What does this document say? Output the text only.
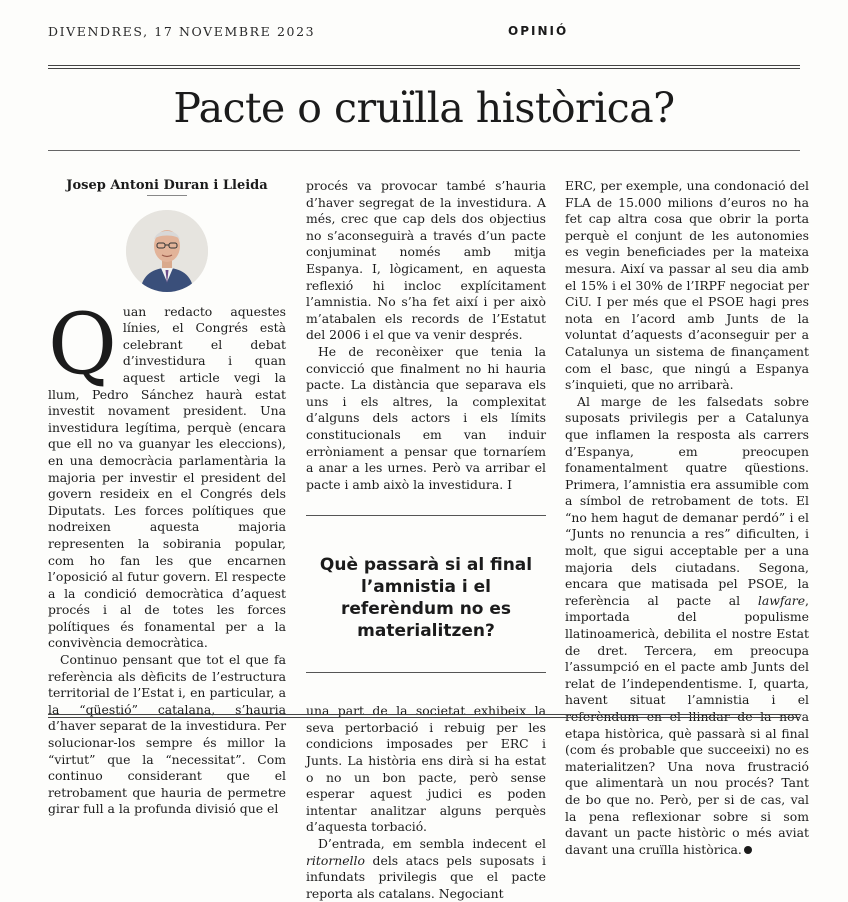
DIVENDRES, 17 NOVEMBRE 2023	OPINIÓ
Pacte o cruïlla històrica?

Josep Antoni Duran i Lleida

Quan redacto aquestes línies, el Congrés està celebrant el debat d’investidura i quan aquest article vegi la llum, Pedro Sánchez haurà estat investit novament president. Una investidura legítima, perquè (encara que ell no va guanyar les eleccions), en una democràcia parlamentària la majoria per investir el president del govern resideix en el Congrés dels Diputats. Les forces polítiques que nodreixen aquesta majoria representen la sobirania popular, com ho fan les que encarnen l’oposició al futur govern. El respecte a la condició democràtica d’aquest procés i al de totes les forces polítiques és fonamental per a la convivència democràtica.

Continuo pensant que tot el que fa referència als dèficits de l’estructura territorial de l’Estat i, en particular, a la “qüestió” catalana, s’hauria d’haver separat de la investidura. Per solucionar-los sempre és millor la “virtut” que la “necessitat”. Com continuo considerant que el retrobament que hauria de permetre girar full a la profunda divisió que el

procés va provocar també s’hauria d’haver segregat de la investidura. A més, crec que cap dels dos objectius no s’aconseguirà a través d’un pacte conjuminat només amb mitja Espanya. I, lògicament, en aquesta reflexió hi incloc explícitament l’amnistia. No s’ha fet així i per això m’atabalen els records de l’Estatut del 2006 i el que va venir després.

He de reconèixer que tenia la convicció que finalment no hi hauria pacte. La distància que separava els uns i els altres, la complexitat d’alguns dels actors i els límits constitucionals em van induir erròniament a pensar que tornaríem a anar a les urnes. Però va arribar el pacte i amb això la investidura. I

Què passarà si al final l’amnistia i el referèndum no es materialitzen?

una part de la societat exhibeix la seva pertorbació i rebuig per les condicions imposades per ERC i Junts. La història ens dirà si ha estat o no un bon pacte, però sense esperar aquest judici es poden intentar analitzar alguns perquès d’aquesta torbació.

D’entrada, em sembla indecent el ritornello dels atacs pels suposats i infundats privilegis que el pacte reporta als catalans. Negociant

ERC, per exemple, una condonació del FLA de 15.000 milions d’euros no ha fet cap altra cosa que obrir la porta perquè el conjunt de les autonomies es vegin beneficiades per la mateixa mesura. Així va passar al seu dia amb el 15% i el 30% de l’IRPF negociat per CiU. I per més que el PSOE hagi pres nota en l’acord amb Junts de la voluntat d’aquests d’aconseguir per a Catalunya un sistema de finançament com el basc, que ningú a Espanya s’inquieti, que no arribarà.

Al marge de les falsedats sobre suposats privilegis per a Catalunya que inflamen la resposta als carrers d’Espanya, em preocupen fonamentalment quatre qüestions. Primera, l’amnistia era assumible com a símbol de retrobament de tots. El “no hem hagut de demanar perdó” i el “Junts no renuncia a res” dificulten, i molt, que sigui acceptable per a una majoria dels ciutadans. Segona, encara que matisada pel PSOE, la referència al pacte al lawfare, importada del populisme llatinoamericà, debilita el nostre Estat de dret. Tercera, em preocupa l’assumpció en el pacte amb Junts del relat de l’independentisme. I, quarta, havent situat l’amnistia i el referèndum en el llindar de la nova etapa històrica, què passarà si al final (com és probable que succeeixi) no es materialitzen? Una nova frustració que alimentarà un nou procés? Tant de bo que no. Però, per si de cas, val la pena reflexionar sobre si som davant un pacte històric o més aviat davant una cruïlla històrica.
